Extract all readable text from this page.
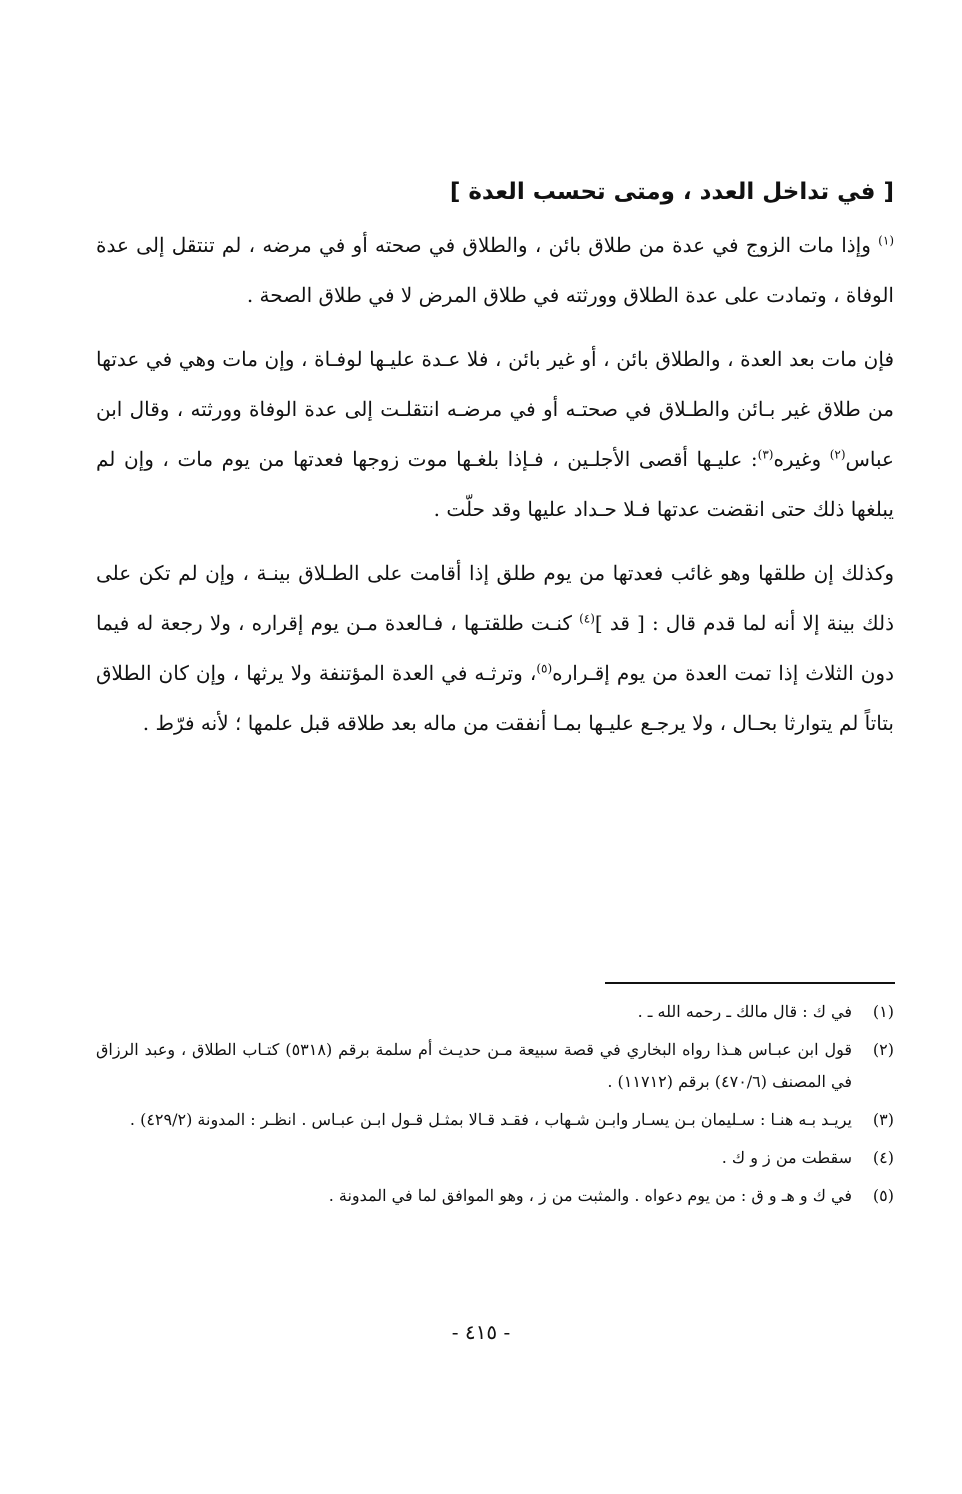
[ في تداخل العدد ، ومتى تحسب العدة ]

$^{(١)}$ وإذا مات الزوج في عدة من طلاق بائن ، والطلاق في صحته أو في مرضه ، لم تنتقل إلى عدة الوفاة ، وتمادت على عدة الطلاق وورثته في طلاق المرض لا في طلاق الصحة .

فإن مات بعد العدة ، والطلاق بائن ، أو غير بائن ، فلا عـدة عليـها لوفـاة ، وإن مات وهي في عدتها من طلاق غير بـائن والطـلاق في صحتـه أو في مرضـه انتقلـت إلى عدة الوفاة وورثته ، وقال ابن عباس$^{(٢)}$ وغيره$^{(٣)}$: عليـها أقصى الأجلـين ، فـإذا بلغـها موت زوجها فعدتها من يوم مات ، وإن لم يبلغها ذلك حتى انقضت عدتها فـلا حـداد عليها وقد حلّت .

وكذلك إن طلقها وهو غائب فعدتها من يوم طلق إذا أقامت على الطـلاق بينـة ، وإن لم تكن على ذلك بينة إلا أنه لما قدم قال : [ قد ]$^{(٤)}$ كنـت طلقتـها ، فـالعدة مـن يوم إقراره ، ولا رجعة له فيما دون الثلاث إذا تمت العدة من يوم إقـراره$^{(٥)}$، وترثـه في العدة المؤتنفة ولا يرثها ، وإن كان الطلاق بتاتاً لم يتوارثا بحـال ، ولا يرجـع عليـها بمـا أنفقت من ماله بعد طلاقه قبل علمها ؛ لأنه فرّط .

(١)
في ك : قال مالك ـ رحمه الله ـ .
(٢)
قول ابن عبـاس هـذا رواه البخاري في قصة سبيعة مـن حديـث أم سلمة برقم (٥٣١٨) كتـاب الطلاق ، وعبد الرزاق في المصنف (٤٧٠/٦) برقم (١١٧١٢) .
(٣)
يريـد بـه هنـا : سـليمان بـن يسـار وابـن شـهاب ، فقـد قـالا بمثـل قـول ابـن عبـاس . انظـر : المدونة (٤٢٩/٢) .
(٤)
سقطت من ز و ك .
(٥)
في ك و هـ و ق : من يوم دعواه . والمثبت من ز ، وهو الموافق لما في المدونة .
- ٤١٥ -
